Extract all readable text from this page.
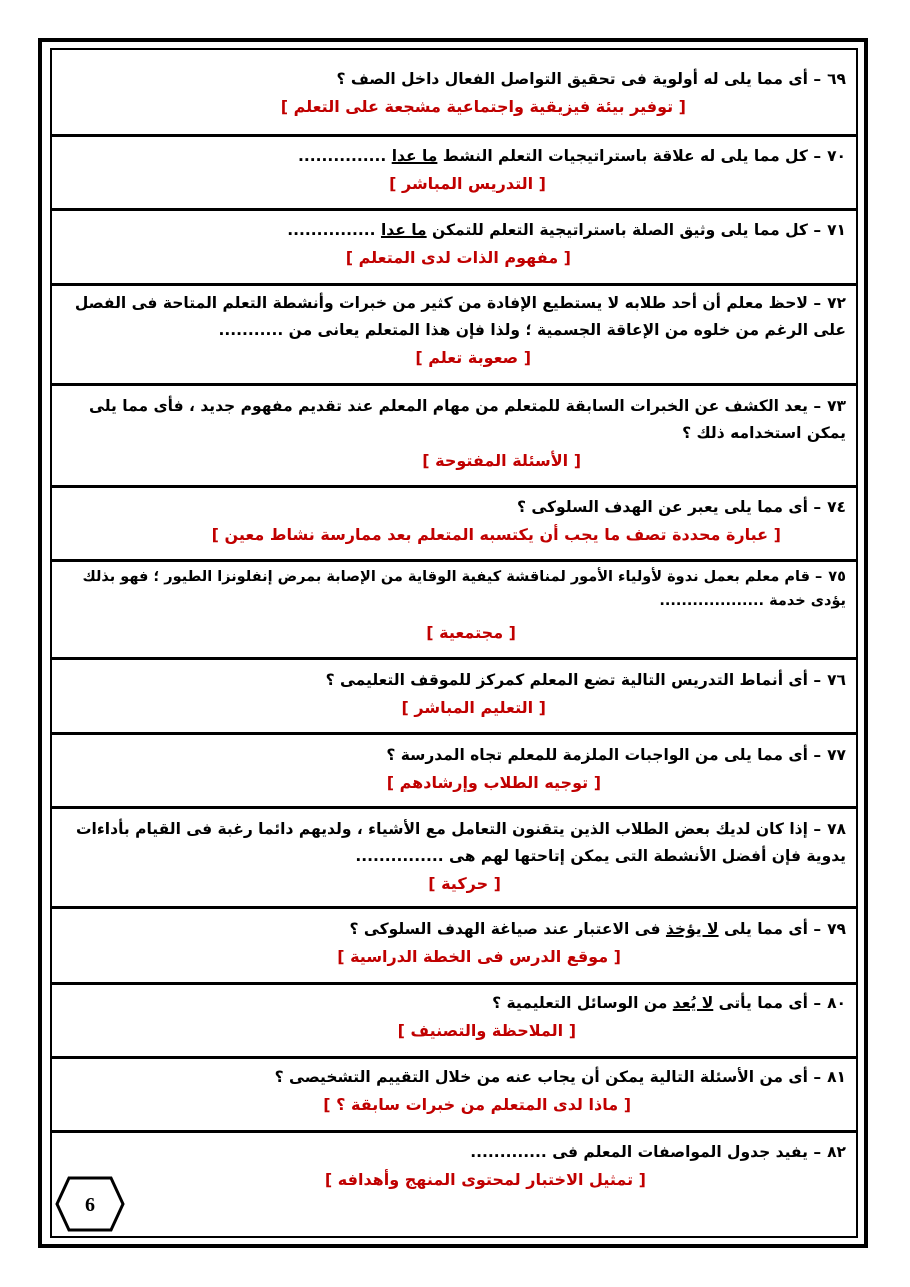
٦٩– أى مما يلى له أولوية فى تحقيق التواصل الفعال داخل الصف ؟
[ توفير بيئة فيزيقية واجتماعية مشجعة على التعلم ]
٧٠– كل مما يلى له علاقة باستراتيجيات التعلم النشط ما عدا ...............
[ التدريس المباشر ]
٧١– كل مما يلى وثيق الصلة باستراتيجية التعلم للتمكن ما عدا ...............
[ مفهوم الذات لدى المتعلم ]
٧٢– لاحظ معلم أن أحد طلابه لا يستطيع الإفادة من كثير من خبرات وأنشطة التعلم المتاحة فى الفصل على الرغم من خلوه من الإعاقة الجسمية ؛ ولذا فإن هذا المتعلم يعانى من ...........
[ صعوبة تعلم ]
٧٣– يعد الكشف عن الخبرات السابقة للمتعلم من مهام المعلم عند تقديم مفهوم جديد ، فأى مما يلى يمكن استخدامه ذلك ؟
[ الأسئلة المفتوحة ]
٧٤– أى مما يلى يعبر عن الهدف السلوكى ؟
[ عبارة محددة تصف ما يجب أن يكتسبه المتعلم بعد ممارسة نشاط معين ]
٧٥– قام معلم بعمل ندوة لأولياء الأمور لمناقشة كيفية الوقاية من الإصابة بمرض إنفلونزا الطيور ؛ فهو بذلك يؤدى خدمة ...................
[ مجتمعية ]
٧٦– أى أنماط التدريس التالية تضع المعلم كمركز للموقف التعليمى ؟
[ التعليم المباشر ]
٧٧– أى مما يلى من الواجبات الملزمة للمعلم تجاه المدرسة ؟
[ توجيه الطلاب وإرشادهم ]
٧٨– إذا كان لديك بعض الطلاب الذين يتقنون التعامل مع الأشياء ، ولديهم دائما رغبة فى القيام بأداءات يدوية فإن أفضل الأنشطة التى يمكن إتاحتها لهم هى ...............
[ حركية ]
٧٩– أى مما يلى لا يؤخذ فى الاعتبار عند صياغة الهدف السلوكى ؟
[ موقع الدرس فى الخطة الدراسية ]
٨٠– أى مما يأتى لا يُعد من الوسائل التعليمية ؟
[ الملاحظة والتصنيف ]
٨١– أى من الأسئلة التالية يمكن أن يجاب عنه من خلال التقييم التشخيصى ؟
[ ماذا لدى المتعلم من خبرات سابقة ؟ ]
٨٢– يفيد جدول المواصفات المعلم فى .............
[ تمثيل الاختبار لمحتوى المنهج وأهدافه ]
6
